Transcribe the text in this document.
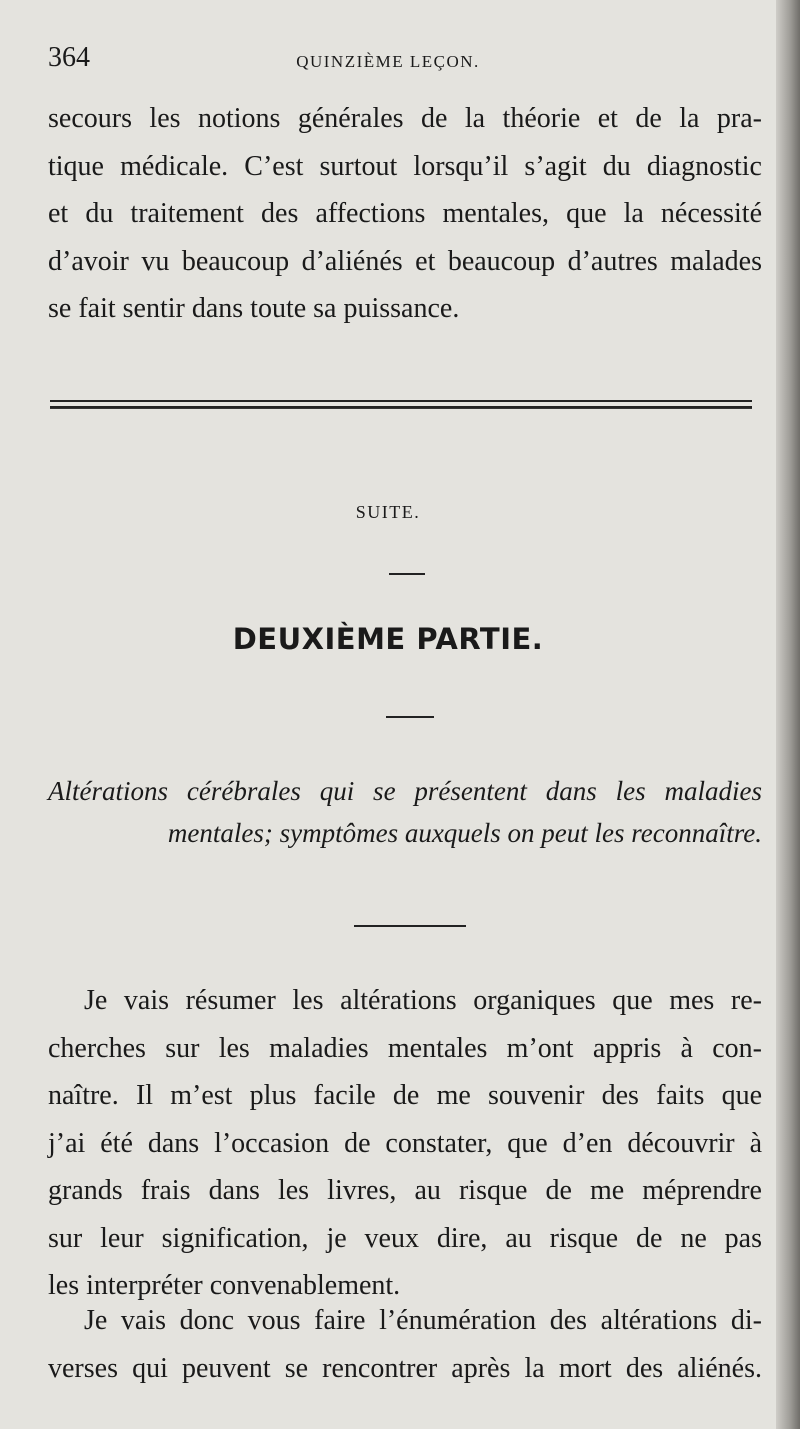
364	QUINZIÈME LEÇON.

secours les notions générales de la théorie et de la pra-
tique médicale. C’est surtout lorsqu’il s’agit du diagnostic
et du traitement des affections mentales, que la nécessité
d’avoir vu beaucoup d’aliénés et beaucoup d’autres malades
se fait sentir dans toute sa puissance.

SUITE.
DEUXIÈME PARTIE.
Altérations cérébrales qui se présentent dans les maladies
mentales; symptômes auxquels on peut les reconnaître.

Je vais résumer les altérations organiques que mes re-
cherches sur les maladies mentales m’ont appris à con-
naître. Il m’est plus facile de me souvenir des faits que
j’ai été dans l’occasion de constater, que d’en découvrir à
grands frais dans les livres, au risque de me méprendre
sur leur signification, je veux dire, au risque de ne pas
les interpréter convenablement.

Je vais donc vous faire l’énumération des altérations di-
verses qui peuvent se rencontrer après la mort des aliénés.
